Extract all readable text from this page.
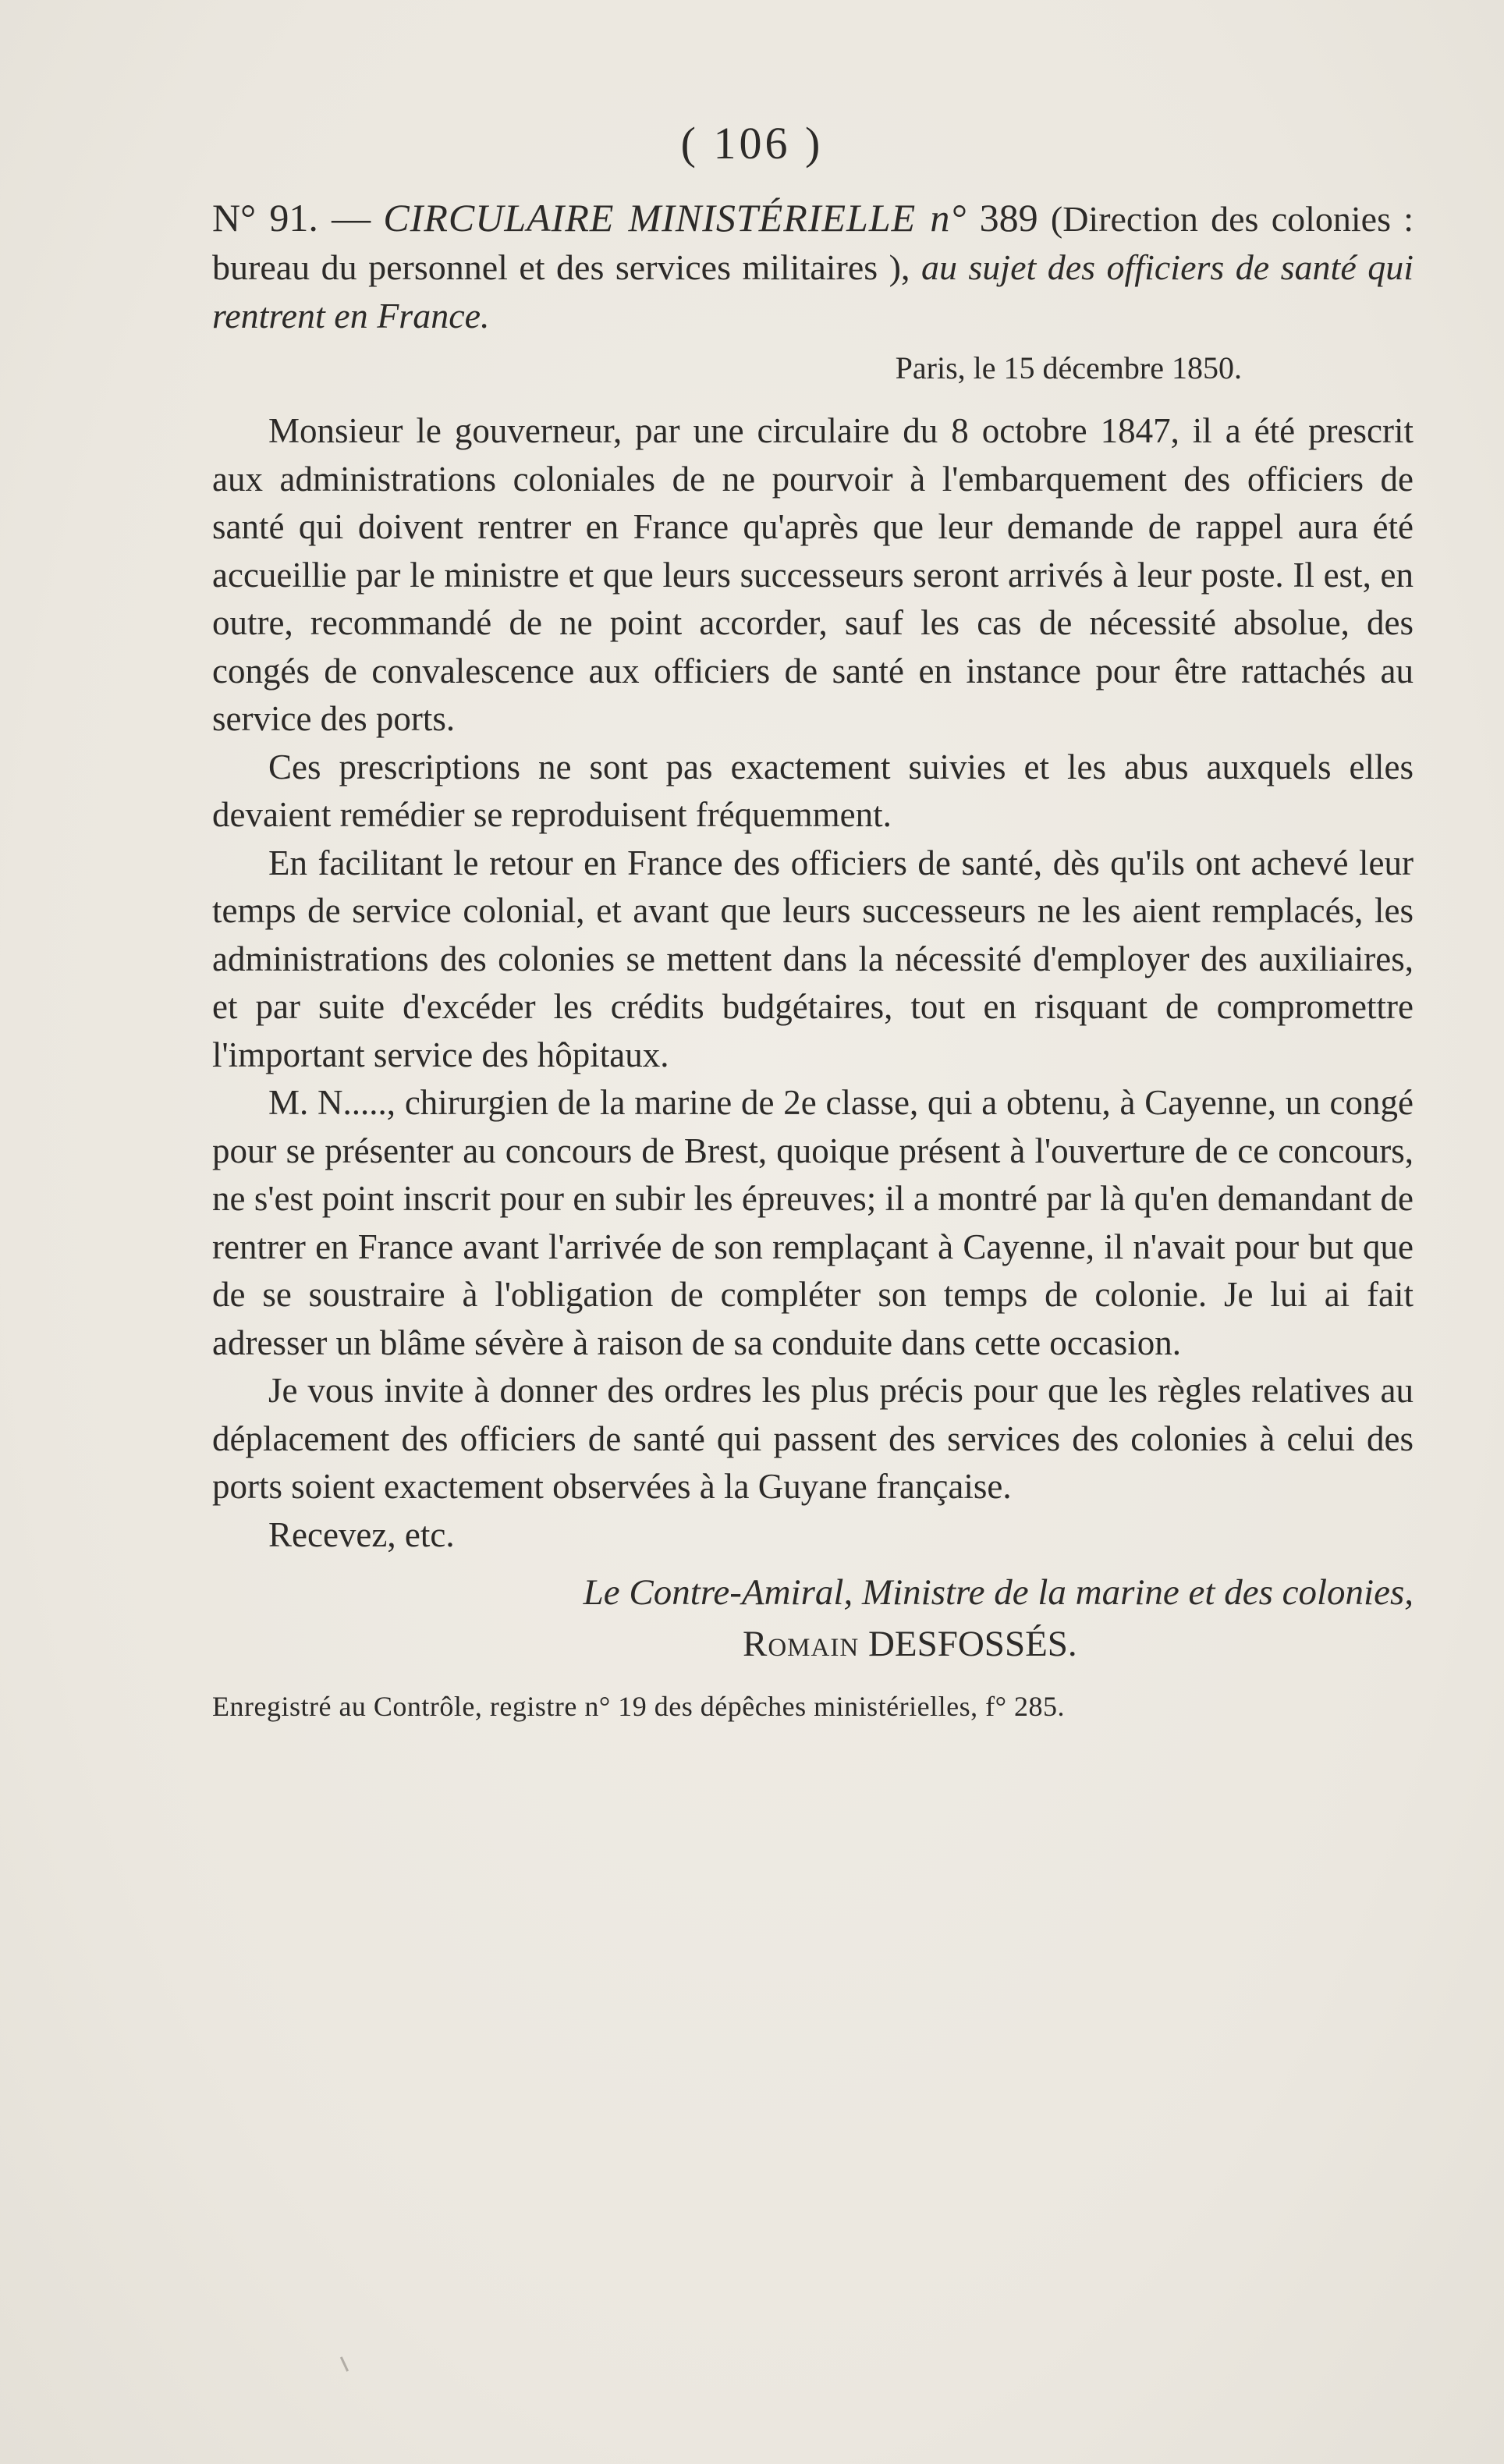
( 106 )
N° 91. — CIRCULAIRE MINISTÉRIELLE n° 389 (Direction des colonies : bureau du personnel et des services militaires ), au sujet des officiers de santé qui rentrent en France.
Paris, le 15 décembre 1850.

Monsieur le gouverneur, par une circulaire du 8 octobre 1847, il a été prescrit aux administrations coloniales de ne pourvoir à l'embarquement des officiers de santé qui doivent rentrer en France qu'après que leur demande de rappel aura été accueillie par le ministre et que leurs successeurs seront arrivés à leur poste. Il est, en outre, recommandé de ne point accorder, sauf les cas de nécessité absolue, des congés de convalescence aux officiers de santé en instance pour être rattachés au service des ports.

Ces prescriptions ne sont pas exactement suivies et les abus auxquels elles devaient remédier se reproduisent fréquemment.

En facilitant le retour en France des officiers de santé, dès qu'ils ont achevé leur temps de service colonial, et avant que leurs successeurs ne les aient remplacés, les administrations des colonies se mettent dans la nécessité d'employer des auxiliaires, et par suite d'excéder les crédits budgétaires, tout en risquant de compromettre l'important service des hôpitaux.

M. N....., chirurgien de la marine de 2e classe, qui a obtenu, à Cayenne, un congé pour se présenter au concours de Brest, quoique présent à l'ouverture de ce concours, ne s'est point inscrit pour en subir les épreuves; il a montré par là qu'en demandant de rentrer en France avant l'arrivée de son remplaçant à Cayenne, il n'avait pour but que de se soustraire à l'obligation de compléter son temps de colonie. Je lui ai fait adresser un blâme sévère à raison de sa conduite dans cette occasion.

Je vous invite à donner des ordres les plus précis pour que les règles relatives au déplacement des officiers de santé qui passent des services des colonies à celui des ports soient exactement observées à la Guyane française.

Recevez, etc.

Le Contre-Amiral, Ministre de la marine et des colonies,
Romain DESFOSSÉS.
Enregistré au Contrôle, registre n° 19 des dépêches ministérielles, f° 285.
